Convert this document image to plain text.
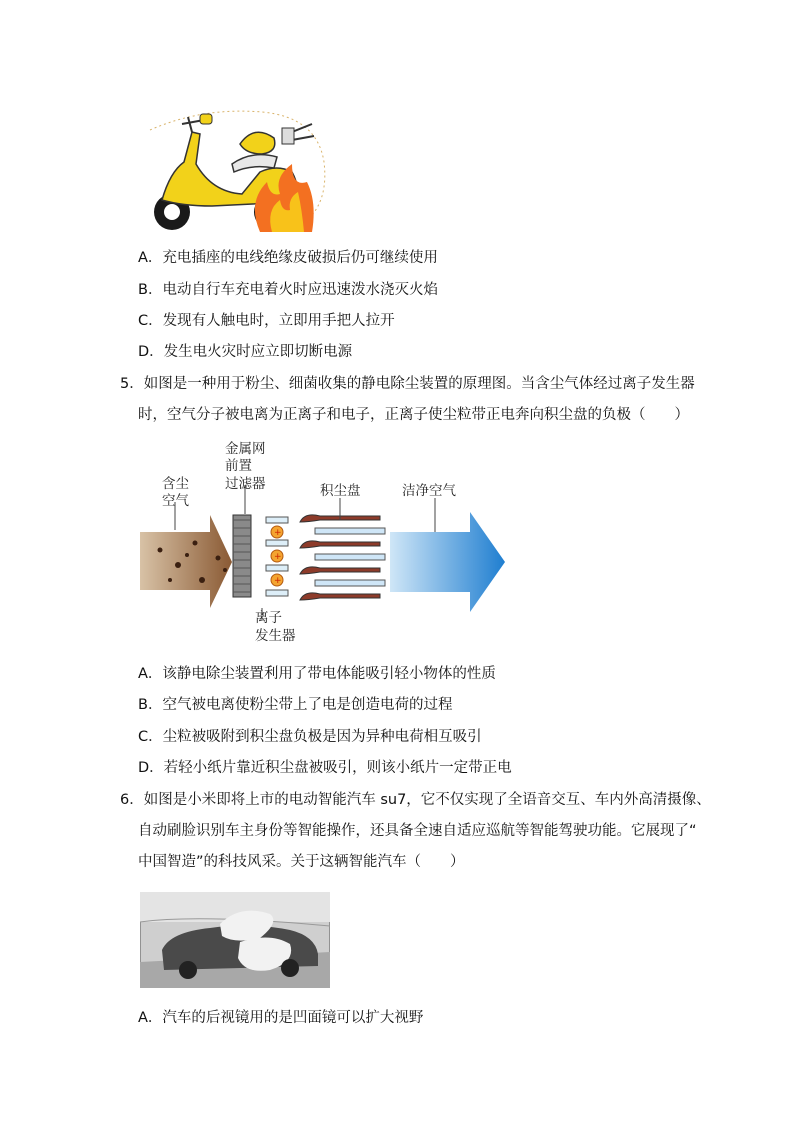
A．充电插座的电线绝缘皮破损后仍可继续使用
B．电动自行车充电着火时应迅速泼水浇灭火焰
C．发现有人触电时，立即用手把人拉开
D．发生电火灾时应立即切断电源
5．如图是一种用于粉尘、细菌收集的静电除尘装置的原理图。当含尘气体经过离子发生器
时，空气分子被电离为正离子和电子，正离子使尘粒带正电奔向积尘盘的负极（　　）
+
+
+
含尘
空气
金属网
前置
过滤器	积尘盘	洁净空气
离子
发生器
A．该静电除尘装置利用了带电体能吸引轻小物体的性质
B．空气被电离使粉尘带上了电是创造电荷的过程
C．尘粒被吸附到积尘盘负极是因为异种电荷相互吸引
D．若轻小纸片靠近积尘盘被吸引，则该小纸片一定带正电
6．如图是小米即将上市的电动智能汽车 su7，它不仅实现了全语音交互、车内外高清摄像、
自动刷脸识别车主身份等智能操作，还具备全速自适应巡航等智能驾驶功能。它展现了“
中国智造”的科技风采。关于这辆智能汽车（　　）
A．汽车的后视镜用的是凹面镜可以扩大视野
